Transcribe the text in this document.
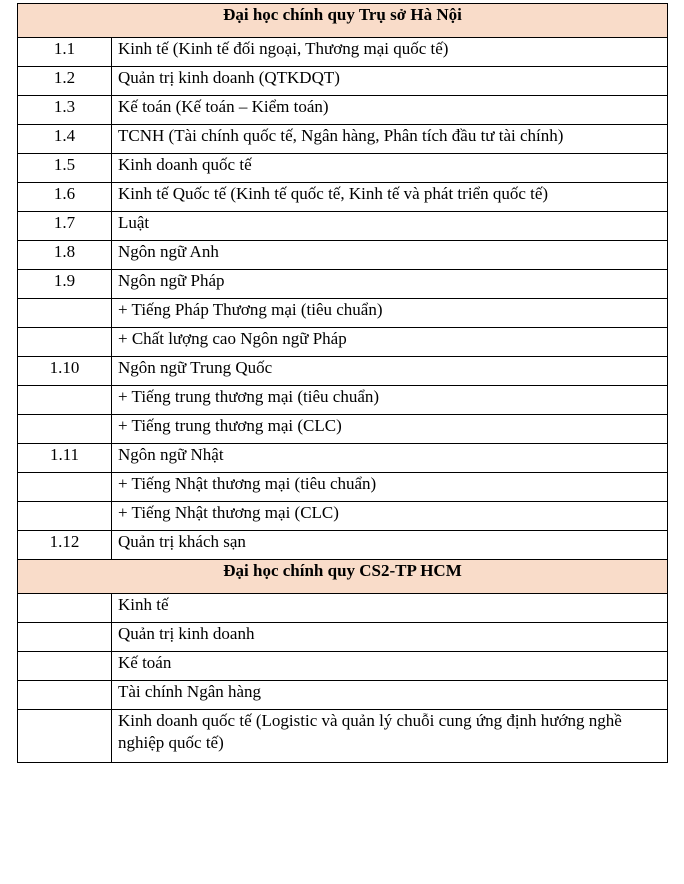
Đại học chính quy Trụ sở Hà Nội	
1.1	Kinh tế (Kinh tế đối ngoại, Thương mại quốc tế)
1.2	Quản trị kinh doanh (QTKDQT)
1.3	Kế toán (Kế toán – Kiểm toán)
1.4	TCNH (Tài chính quốc tế, Ngân hàng, Phân tích đầu tư tài chính)
1.5	Kinh doanh quốc tế
1.6	Kinh tế Quốc tế (Kinh tế quốc tế, Kinh tế và phát triển quốc tế)
1.7	Luật
1.8	Ngôn ngữ Anh
1.9	Ngôn ngữ Pháp
	+ Tiếng Pháp Thương mại (tiêu chuẩn)
	+ Chất lượng cao Ngôn ngữ Pháp
1.10	Ngôn ngữ Trung Quốc
	+ Tiếng trung thương mại (tiêu chuẩn)
	+ Tiếng trung thương mại (CLC)
1.11	Ngôn ngữ Nhật
	+ Tiếng Nhật thương mại (tiêu chuẩn)
	+ Tiếng Nhật thương mại (CLC)
1.12	Quản trị khách sạn
Đại học chính quy CS2-TP HCM	
	Kinh tế
	Quản trị kinh doanh
	Kế toán
	Tài chính Ngân hàng
	Kinh doanh quốc tế (Logistic và quản lý chuỗi cung ứng định hướng nghề nghiệp quốc tế)
